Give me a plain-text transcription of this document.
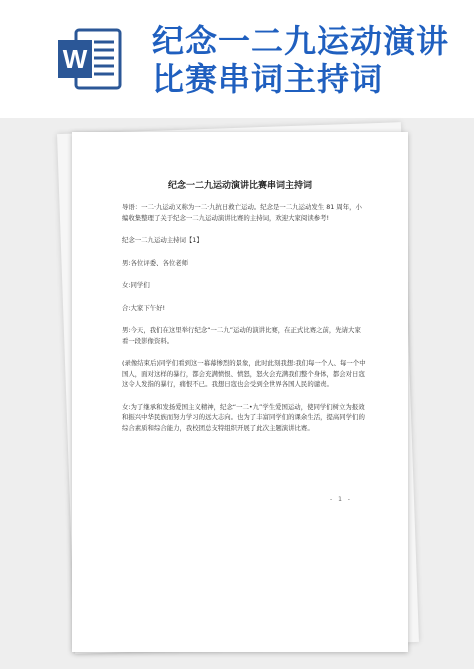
W 纪念一二九运动演讲比赛串词主持词
纪念一二九运动演讲比赛串词主持词

导语：一二·九运动又称为一二·九抗日救亡运动。纪念是一二九运动发生 81 周年，小编收集整理了关于纪念一二九运动演讲比赛的主持词，欢迎大家阅读参考!

纪念一二九运动主持词【1】

男:各位评委、各位老师

女:同学们

合:大家下午好!

男:今天，我们在这里举行纪念“一二九”运动的演讲比赛，在正式比赛之前，先请大家看一段影像资料。

(录像结束后)同学们看到这一幕幕惨烈的景象，此时此刻我想:我们每一个人、每一个中国人，面对这样的暴行，都会充满愤恨、愤怒，怒火会充满我们整个身体，都会对日寇这令人发指的暴行，痛恨不已。我想日寇也会受到全世界各国人民的谴责。

女:为了继承和发扬爱国主义精神，纪念“一二•九”学生爱国运动，使同学们树立为报效和振兴中华民族而努力学习的远大志向。也为了丰富同学们的课余生活，提高同学们的综合素质和综合能力，我校团总支特组织开展了此次主题演讲比赛。

- 1 -
